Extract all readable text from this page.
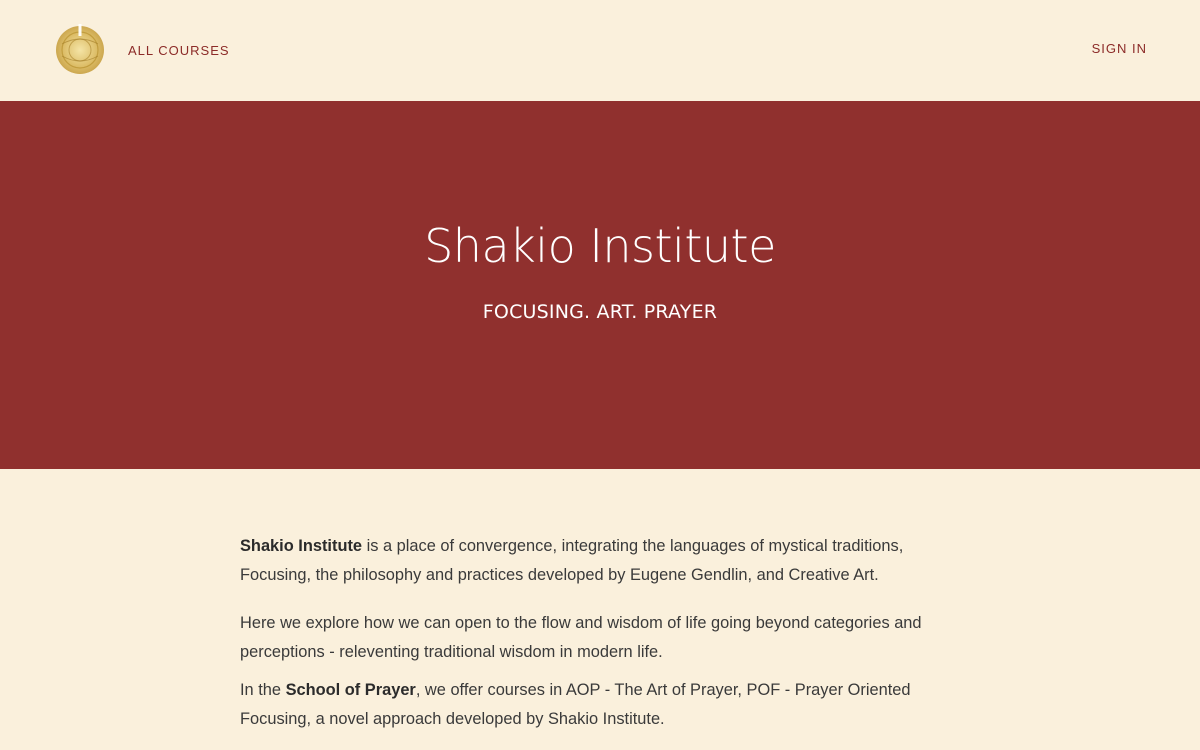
ALL COURSES	SIGN IN
Shakio Institute
FOCUSING. ART. PRAYER

Shakio Institute is a place of convergence, integrating the languages of mystical traditions, Focusing, the philosophy and practices developed by Eugene Gendlin, and Creative Art.

Here we explore how we can open to the flow and wisdom of life going beyond categories and perceptions - releventing traditional wisdom in modern life.

In the School of Prayer, we offer courses in AOP - The Art of Prayer, POF - Prayer Oriented Focusing, a novel approach developed by Shakio Institute.
